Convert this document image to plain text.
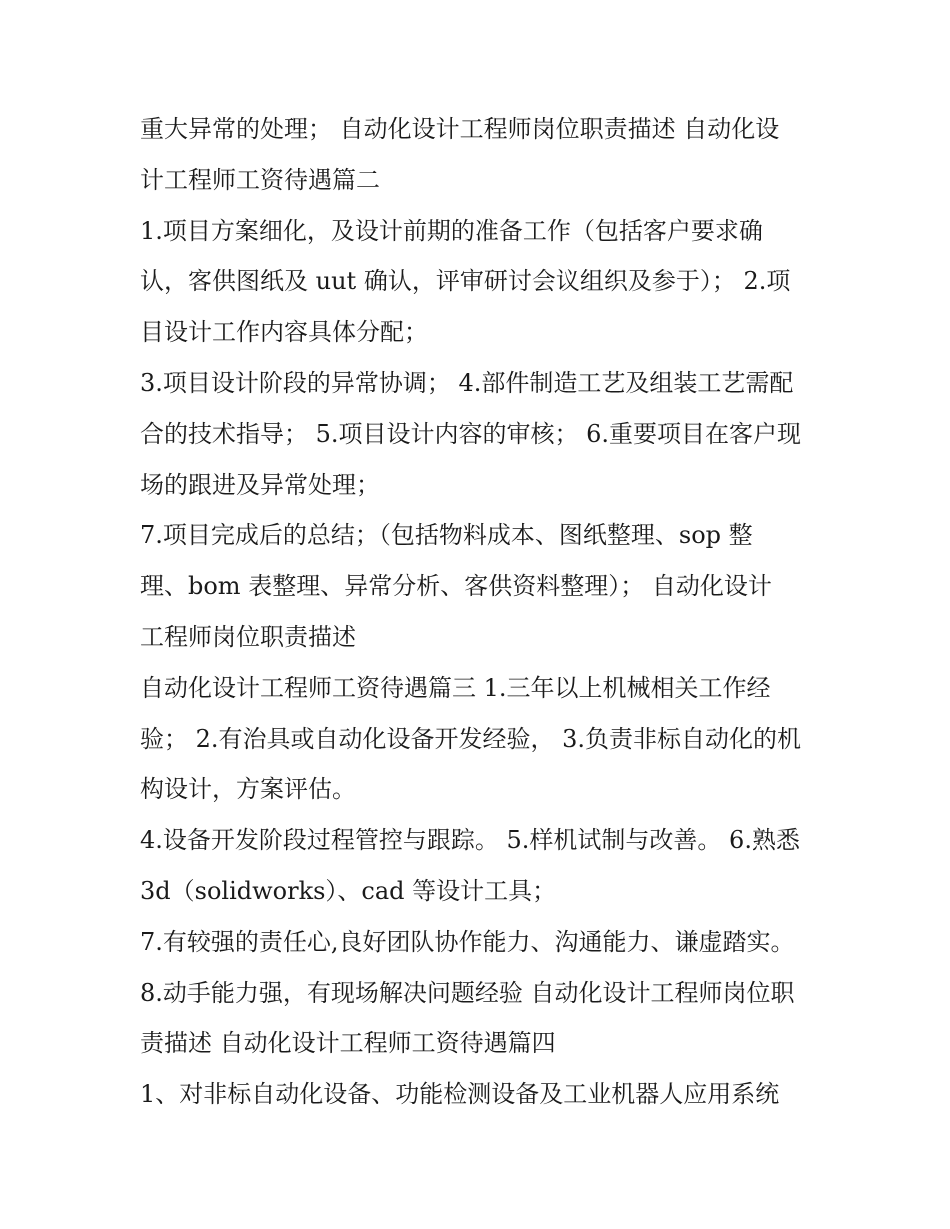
重大异常的处理； 自动化设计工程师岗位职责描述 自动化设
计工程师工资待遇篇二
1.项目方案细化，及设计前期的准备工作（包括客户要求确
认，客供图纸及 uut 确认，评审研讨会议组织及参于）； 2.项
目设计工作内容具体分配；
3.项目设计阶段的异常协调； 4.部件制造工艺及组装工艺需配
合的技术指导； 5.项目设计内容的审核； 6.重要项目在客户现
场的跟进及异常处理；
7.项目完成后的总结；（包括物料成本、图纸整理、sop 整
理、bom 表整理、异常分析、客供资料整理）； 自动化设计
工程师岗位职责描述
自动化设计工程师工资待遇篇三 1.三年以上机械相关工作经
验； 2.有治具或自动化设备开发经验， 3.负责非标自动化的机
构设计，方案评估。
4.设备开发阶段过程管控与跟踪。 5.样机试制与改善。 6.熟悉
3d（solidworks）、cad 等设计工具；
7.有较强的责任心,良好团队协作能力、沟通能力、谦虚踏实。
8.动手能力强，有现场解决问题经验 自动化设计工程师岗位职
责描述 自动化设计工程师工资待遇篇四
1、对非标自动化设备、功能检测设备及工业机器人应用系统
